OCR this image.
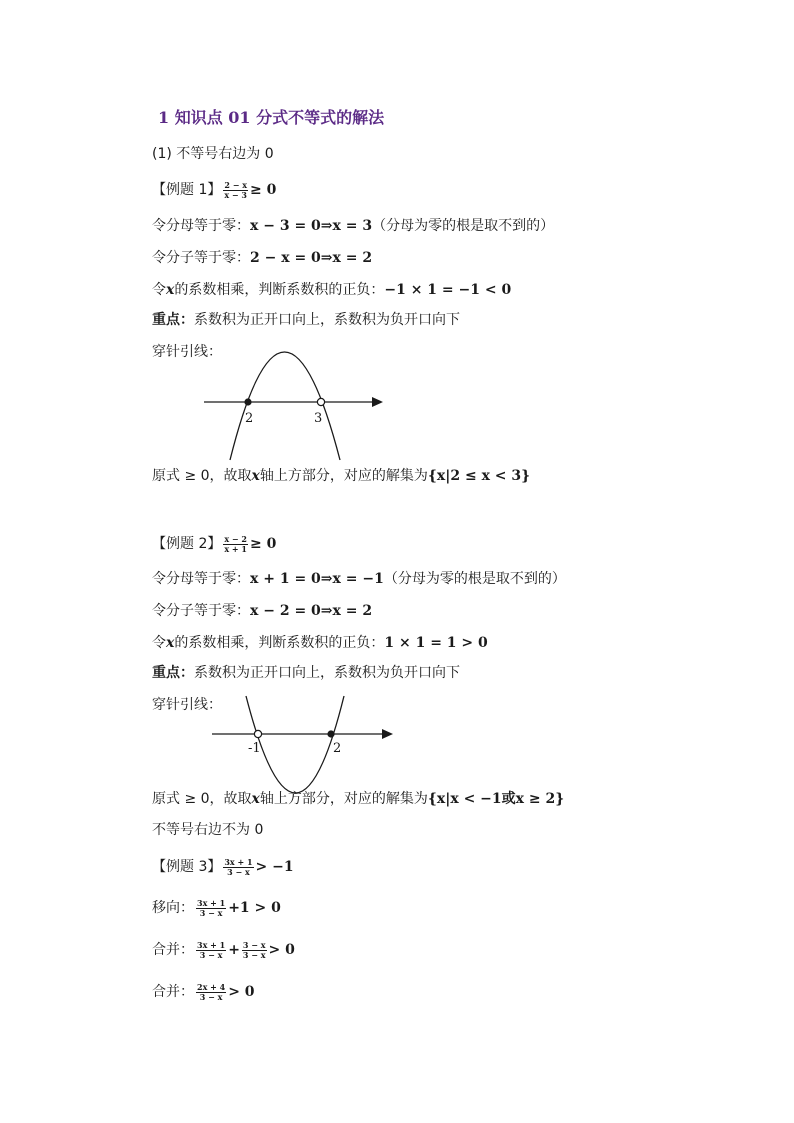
1 知识点 01 分式不等式的解法
(1) 不等号右边为 0
【例题 1】 $\frac{2 - x}{x - 3} \ge 0$
令分母等于零：x − 3 = 0⇒x = 3（分母为零的根是取不到的）
令分子等于零：2 − x = 0⇒x = 2
令x的系数相乘，判断系数积的正负：−1 × 1 = −1 < 0
重点：系数积为正开口向上，系数积为负开口向下
穿针引线：
2	3
原式 ≥ 0，故取x轴上方部分，对应的解集为{x|2 ≤ x < 3}
【例题 2】 $\frac{x - 2}{x + 1} \ge 0$
令分母等于零：x + 1 = 0⇒x = −1（分母为零的根是取不到的）
令分子等于零：x − 2 = 0⇒x = 2
令x的系数相乘，判断系数积的正负：1 × 1 = 1 > 0
重点：系数积为正开口向上，系数积为负开口向下
穿针引线：
-1	2
原式 ≥ 0，故取x轴上方部分，对应的解集为{x|x < −1或x ≥ 2}
不等号右边不为 0
【例题 3】 $\frac{3x + 1}{3 - x} > -1$
移向： $\frac{3x + 1}{3 - x} +1 > 0$
合并： $\frac{3x + 1}{3 - x} + \frac{3 - x}{3 - x} > 0$
合并： $\frac{2x + 4}{3 - x} > 0$
